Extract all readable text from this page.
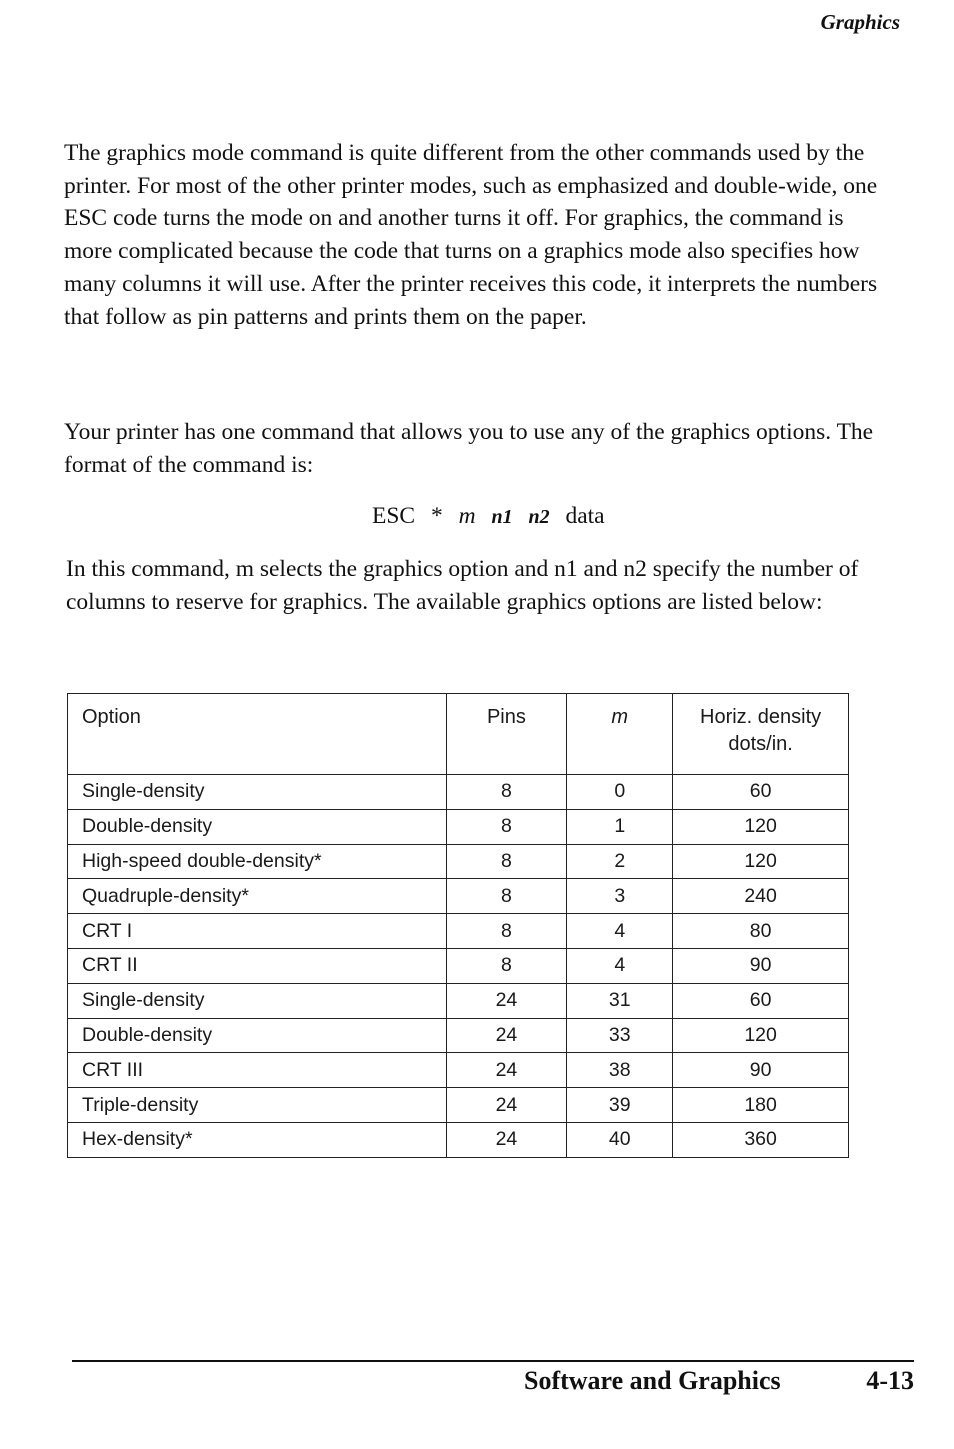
Graphics

The graphics mode command is quite different from the other commands used by the printer. For most of the other printer modes, such as emphasized and double-wide, one ESC code turns the mode on and another turns it off. For graphics, the command is more complicated because the code that turns on a graphics mode also specifies how many columns it will use. After the printer receives this code, it interprets the numbers that follow as pin patterns and prints them on the paper.

Your printer has one command that allows you to use any of the graphics options. The format of the command is:

ESC * m n1 n2 data

In this command, m selects the graphics option and n1 and n2 specify the number of columns to reserve for graphics. The available graphics options are listed below:

Option	Pins	m	Horiz. density
dots/in.

Single-density	8	0	60
Double-density	8	1	120
High-speed double-density*	8	2	120
Quadruple-density*	8	3	240
CRT I	8	4	80
CRT II	8	4	90
Single-density	24	31	60
Double-density	24	33	120
CRT III	24	38	90
Triple-density	24	39	180
Hex-density*	24	40	360
Software and Graphics	4-13
